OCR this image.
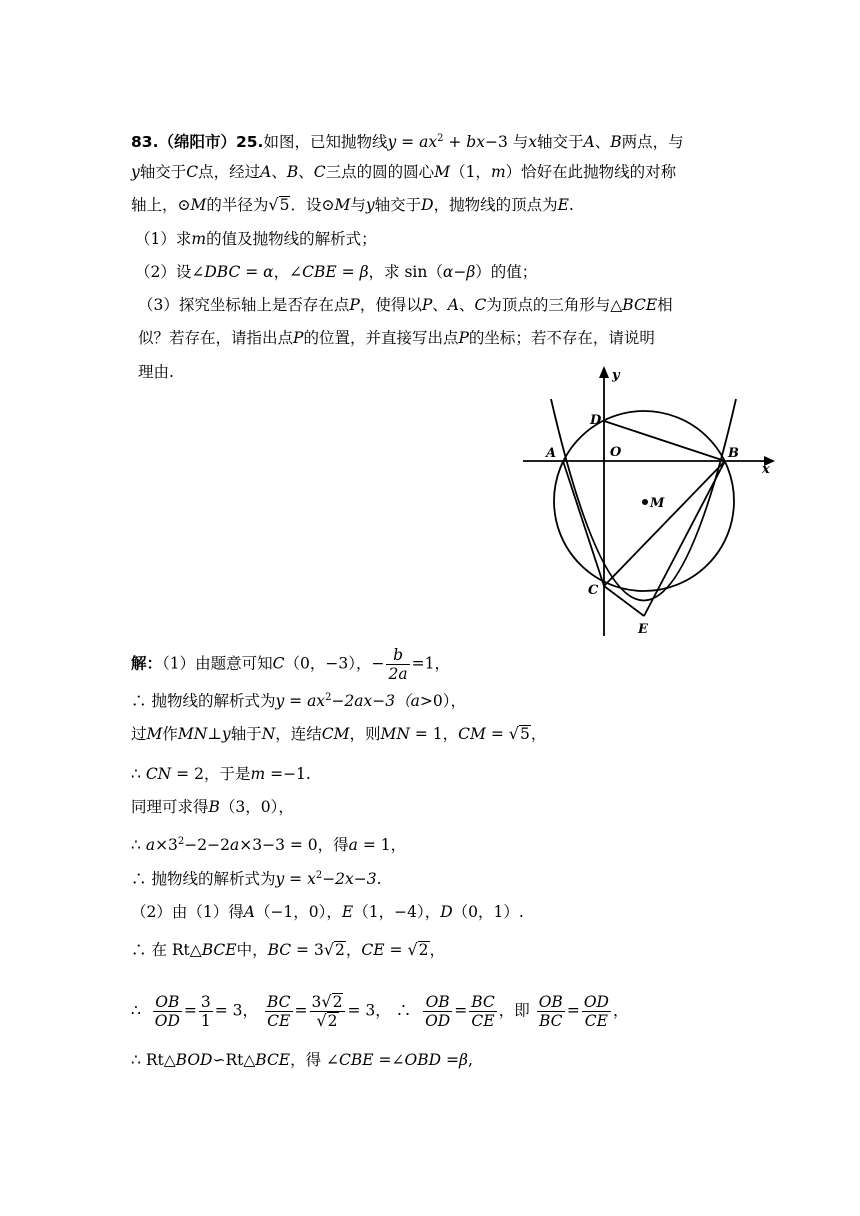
83.（绵阳市）25.如图，已知抛物线$y = ax^2 + bx-3$ 与x轴交于A、B两点，与
y轴交于C点，经过A、B、C三点的圆的圆心M（1，m）恰好在此抛物线的对称
轴上，⊙M的半径为√5．设⊙M与y轴交于D，抛物线的顶点为E.
（1）求m的值及抛物线的解析式；
（2）设∠DBC = α，∠CBE = β，求 sin（α−β）的值；
（3）探究坐标轴上是否存在点P，使得以P、A、C为顶点的三角形与△BCE相
似？若存在，请指出点P的位置，并直接写出点P的坐标；若不存在，请说明
理由.	y
x
O
A	B
C
D
E
M
解：（1）由题意可知C（0，−3），− $\frac{b}{2a} =1$，
∴ 抛物线的解析式为$y = ax^2-2ax-3(a>0)$，
过M作MN⊥y轴于N，连结CM，则MN = 1，CM = √5，
∴ CN = 2，于是m =−1.
同理可求得B（3，0），
∴ $a\times 3^2-2-2a\times 3-3 = 0$，得a = 1，
∴ 抛物线的解析式为$y = x^2-2x-3$.
（2）由（1）得A（−1，0），E（1，−4），D（0，1）.
∴ 在 Rt△BCE中，BC = 3√2，CE = √2，
∴ $\frac{OB}{OD} = \frac{3}{1} = 3$， $\frac{BC}{CE} = \frac{3√2}{√2} = 3$， ∴ $\frac{OB}{OD} = \frac{BC}{CE}$ ，即 $\frac{OB}{BC} = \frac{OD}{CE}$ ，
∴ Rt△BOD∽Rt△BCE，得 ∠CBE =∠OBD =β,
